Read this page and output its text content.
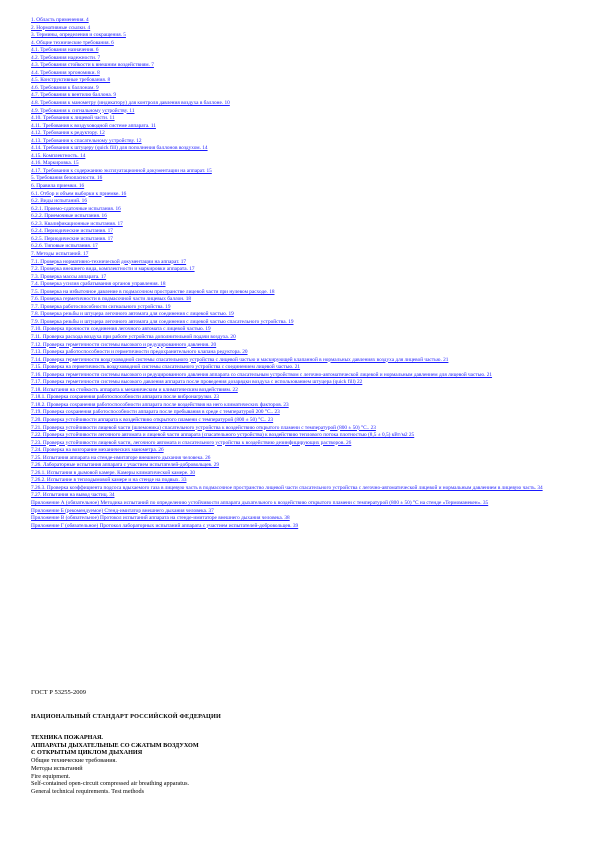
1. Область применения. 4
2. Нормативные ссылки. 4
3. Термины, определения и сокращения. 5
4. Общие технические требования. 6
4.1. Требования назначения. 6
4.2. Требования надежности. 7
4.3. Требования стойкости к внешним воздействиям. 7
4.4. Требования эргономики. 8
4.5. Конструктивные требования. 8
4.6. Требования к баллонам. 9
4.7. Требования к вентилю баллона. 9
4.8. Требования к манометру (индикатору) для контроля давления воздуха в баллоне. 10
4.9. Требования к сигнальному устройству. 11
4.10. Требования к лицевой части. 11
4.11. Требования к воздуховодной системе аппарата. 11
4.12. Требования к редуктору. 12
4.13. Требования к спасательному устройству. 12
4.14. Требования к штуцеру (quick fill) для пополнения баллонов воздухом. 14
4.15. Комплектность. 14
4.16. Маркировка. 15
4.17. Требования к содержанию эксплуатационной документации на аппарат. 15
5. Требования безопасности. 16
6. Правила приемки. 16
6.1. Отбор и объем выборки к приемке. 16
6.2. Виды испытаний. 16
6.2.1. Приемо-сдаточные испытания. 16
6.2.2. Приемочные испытания. 16
6.2.3. Квалификационные испытания. 17
6.2.4. Периодические испытания. 17
6.2.5. Периодические испытания. 17
6.2.6. Типовые испытания. 17
7. Методы испытаний. 17
7.1. Проверка нормативно-технической документации на аппарат. 17
7.2. Проверка внешнего вида, комплектности и маркировки аппарата. 17
7.3. Проверка массы аппарата. 17
7.4. Проверка усилия срабатывания органов управления. 18
7.5. Проверка на избыточное давление в подмасочном пространстве лицевой части при нулевом расходе. 18
7.6. Проверка герметичности в подмасочной части лицевых баллон. 18
7.7. Проверка работоспособности сигнального устройства. 19
7.8. Проверка резьбы и штуцера легочного автомата для соединения с лицевой частью. 19
7.9. Проверка резьбы и штуцера легочного автомата для соединения с лицевой частью спасательного устройства. 19
7.10. Проверка прочности соединения легочного автомата с лицевой частью. 19
7.11. Проверка расхода воздуха при работе устройства дополнительной подачи воздуха. 20
7.12. Проверка герметичности системы высокого и редуцированного давления. 20
7.13. Проверка работоспособности и герметичности предохранительного клапана редуктора. 20
7.14. Проверка герметичности воздуховодной системы спасательного устройства с лицевой частью и маскирующей клапанной в нормальных давлениях воздуха для лицевой частью. 21
7.15. Проверка на герметичность воздуховодной системы спасательного устройства с соединением лицевой частью. 21
7.16. Проверка герметичности системы высокого и редуцированного давления аппарата со спасательным устройством с легочно-автоматической лицевой и нормальным давлением для лицевой частью. 21
7.17. Проверка герметичности системы высокого давления аппарата после проведения дозарядки воздуха с использованием штуцера (quick fill) 22
7.18. Испытания на стойкость аппарата к механическим и климатическим воздействиям. 22
7.18.1. Проверка сохранения работоспособности аппарата после вибронагрузки. 23
7.18.2. Проверка сохранения работоспособности аппарата после воздействия на него климатических факторов. 23
7.19. Проверка сохранения работоспособности аппарата после пребывания в среде с температурой 200 °С.. 23
7.20. Проверка устойчивости аппарата к воздействию открытого пламени с температурой (800 ± 50) °С.. 23
7.21. Проверка устойчивости лицевой части (шлемоникa) спасательного устройства к воздействию открытого пламени с температурой (800 ± 50) °С.. 23
7.22. Проверка устойчивости легочного автомата и лицевой части аппарата (спасательного устройства) к воздействию теплового потока плотностью (8,5 ± 0,5) кВт/м2 25
7.23. Проверка устойчивости лицевой части, легочного автомата и спасательного устройства к воздействию дезинфицирующих растворов. 26
7.24. Проверка на возгорание механических манометра. 26
7.25. Испытания аппарата на стенде-имитаторе внешнего дыхания человека. 26
7.26. Лабораторные испытания аппарата с участием испытателей-добровольцев. 29
7.26.1. Испытания в дымовой камере. Камеры климатической камере. 30
7.26.2. Испытание в теплодымовой камере и на стенде на подвых. 33
7.26.3. Проверка коэффициента подсоса вдыхаемого газа в лицевую часть в подмасочное пространство лицевой части спасательного устройства с легочно-автоматической лицевой и нормальным давлением в лицевую часть. 34
7.27. Испытания на вывод частиц. 34
Приложение А (обязательное) Методика испытаний по определению устойчивости аппарата дыхательного к воздействию открытого пламени с температурой (800 ± 50) °С на стенде «Термоманекен». 35
Приложение Б (рекомендуемое) Стенд-имитатор внешнего дыхания человека. 37
Приложение В (обязательное) Протокол испытаний аппарата на стенде-имитаторе внешнего дыхания человека. 38
Приложение Г (обязательное) Протокол лабораторных испытаний аппарата с участием испытателей-добровольцев. 39
ГОСТ Р 53255-2009
НАЦИОНАЛЬНЫЙ СТАНДАРТ РОССИЙСКОЙ ФЕДЕРАЦИИ
ТЕХНИКА ПОЖАРНАЯ.
АППАРАТЫ ДЫХАТЕЛЬНЫЕ СО СЖАТЫМ ВОЗДУХОМ
С ОТКРЫТЫМ ЦИКЛОМ ДЫХАНИЯ
Общие технические требования.
Методы испытаний
Fire equipment.
Self-contained open-circuit compressed air breathing apparatus.
General technical requirements. Test methods
